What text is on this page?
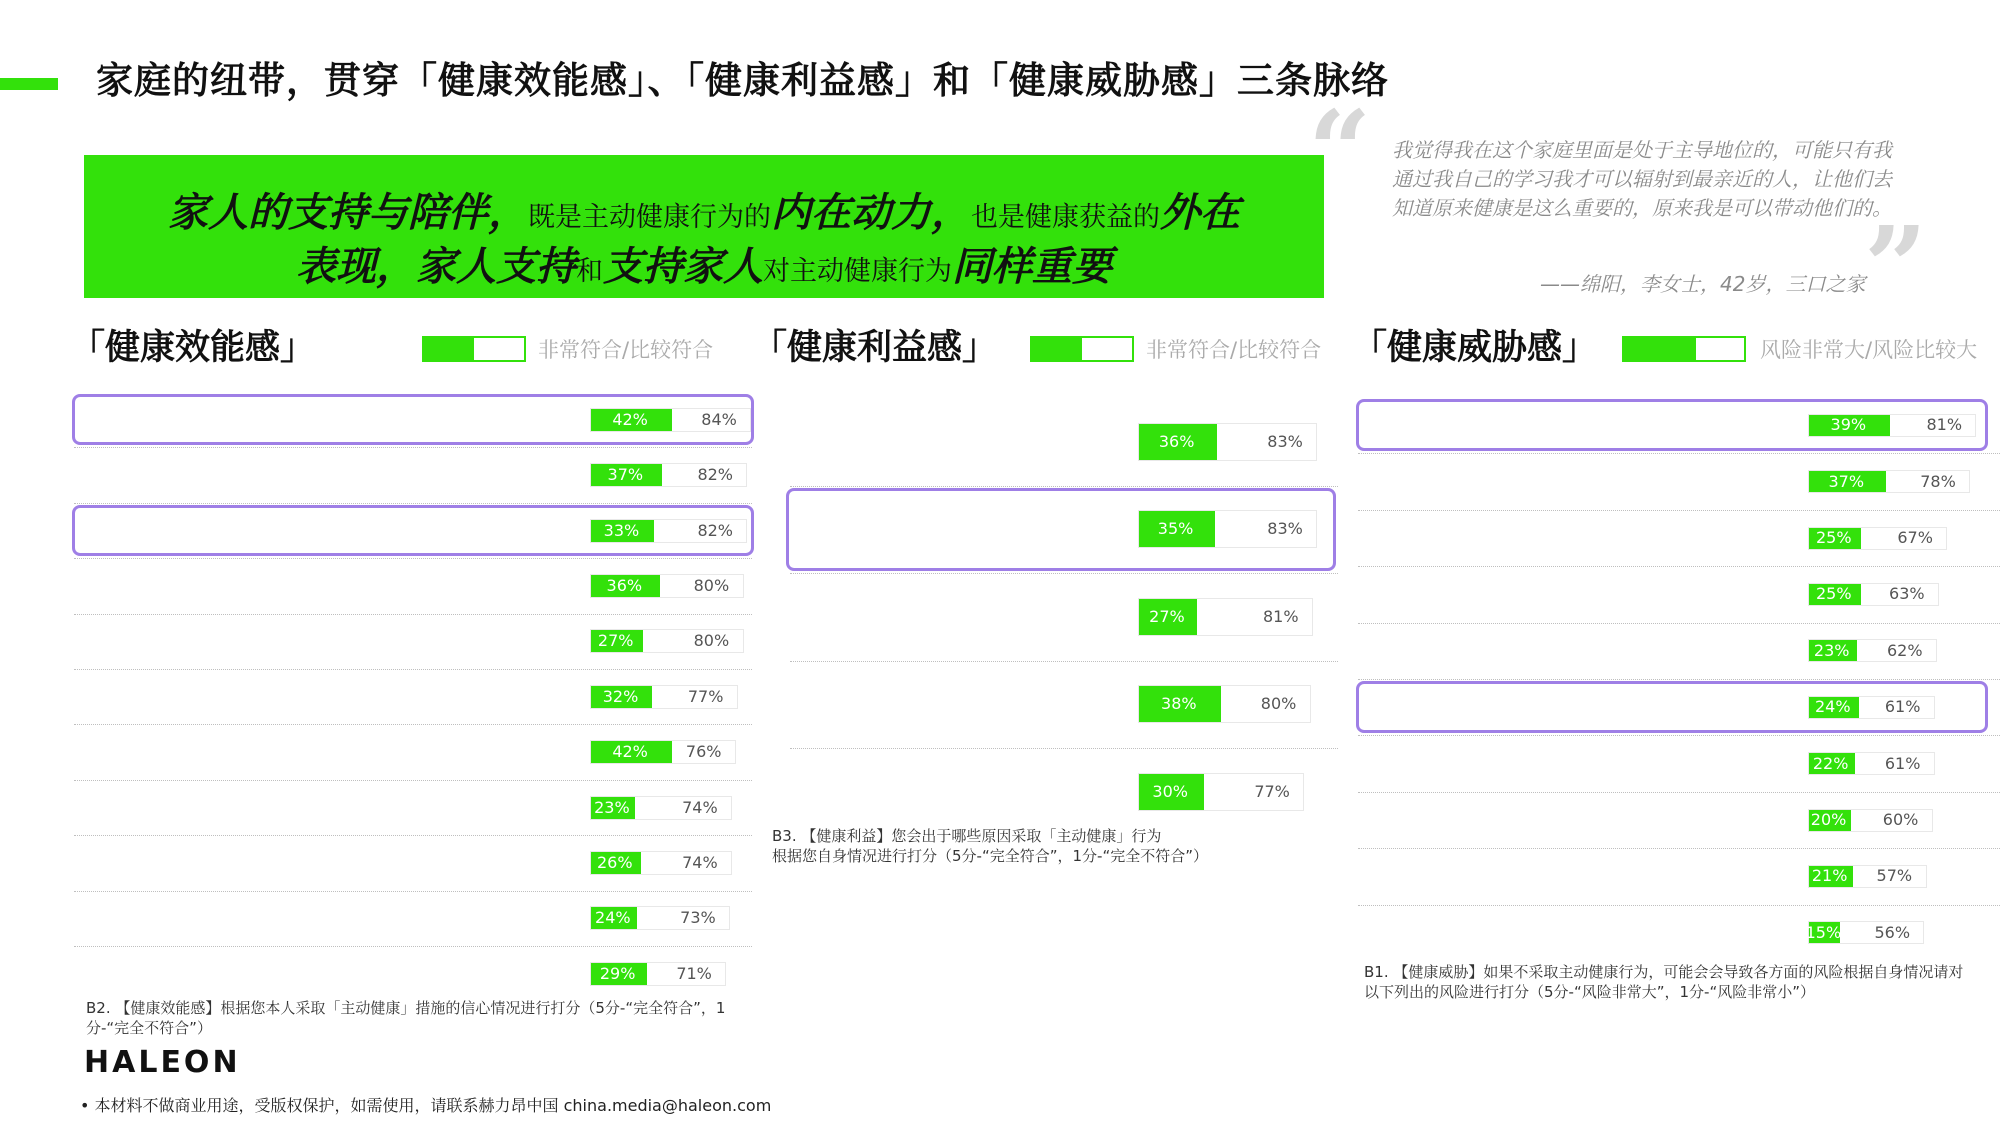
家庭的纽带，贯穿「健康效能感」、「健康利益感」和「健康威胁感」三条脉络
家人的支持与陪伴，既是主动健康行为的内在动力，也是健康获益的外在
表现，家人支持和支持家人对主动健康行为同样重要
“ 我觉得我在这个家庭里面是处于主导地位的，可能只有我通过我自己的学习我才可以辐射到最亲近的人，让他们去知道原来健康是这么重要的，原来我是可以带动他们的。
”
——绵阳，李女士，42岁，三口之家
「健康效能感」	非常符合/比较符合 「健康利益感」	非常符合/比较符合 「健康威胁感」	风险非常大/风险比较大
42%	84%
37%	82%
33%	82%
36%	80%
27%	80%
32%	77%
42% 76%
23%	74%
26%	74%
24%	73%
29%	71%
36%	83%
35%	83%
27%	81%
38%	80%
30%	77%
39%	81%
37%	78%
25%	67%
25% 63%
23% 62%
24% 61%
22% 61%
20% 60%
21% 57%
15% 56%
B2. 【健康效能感】根据您本人采取「主动健康」措施的信心情况进行打分（5分-“完全符合”，1分-“完全不符合”）
B3. 【健康利益】您会出于哪些原因采取「主动健康」行为
根据您自身情况进行打分（5分-“完全符合”，1分-“完全不符合”）
B1. 【健康威胁】如果不采取主动健康行为，可能会会导致各方面的风险根据自身情况请对以下列出的风险进行打分（5分-“风险非常大”，1分-“风险非常小”）
HALEON
• 本材料不做商业用途，受版权保护，如需使用，请联系赫力昂中国 china.media@haleon.com
